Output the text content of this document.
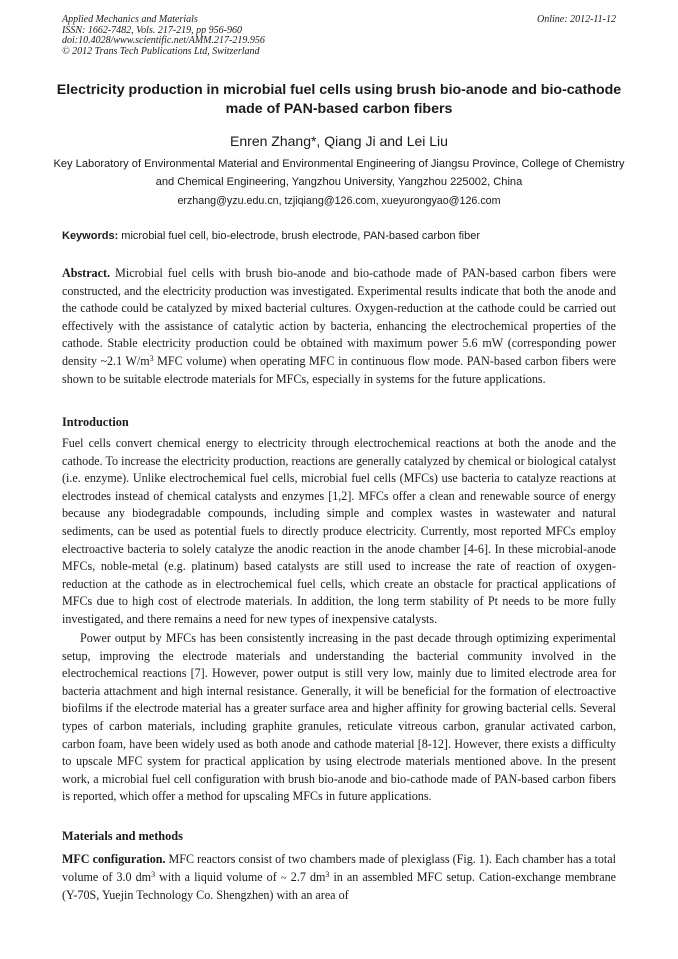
Applied Mechanics and Materials
ISSN: 1662-7482, Vols. 217-219, pp 956-960
doi:10.4028/www.scientific.net/AMM.217-219.956
© 2012 Trans Tech Publications Ltd, Switzerland
Online: 2012-11-12
Electricity production in microbial fuel cells using brush bio-anode and bio-cathode made of PAN-based carbon fibers
Enren Zhang*, Qiang Ji and Lei Liu
Key Laboratory of Environmental Material and Environmental Engineering of Jiangsu Province, College of Chemistry and Chemical Engineering, Yangzhou University, Yangzhou 225002, China
erzhang@yzu.edu.cn, tzjiqiang@126.com, xueyurongyao@126.com
Keywords: microbial fuel cell, bio-electrode, brush electrode, PAN-based carbon fiber
Abstract. Microbial fuel cells with brush bio-anode and bio-cathode made of PAN-based carbon fibers were constructed, and the electricity production was investigated. Experimental results indicate that both the anode and the cathode could be catalyzed by mixed bacterial cultures. Oxygen-reduction at the cathode could be carried out effectively with the assistance of catalytic action by bacteria, enhancing the electrochemical properties of the cathode. Stable electricity production could be obtained with maximum power 5.6 mW (corresponding power density ~2.1 $W/m^3$ MFC volume) when operating MFC in continuous flow mode. PAN-based carbon fibers were shown to be suitable electrode materials for MFCs, especially in systems for the future applications.
Introduction
Fuel cells convert chemical energy to electricity through electrochemical reactions at both the anode and the cathode. To increase the electricity production, reactions are generally catalyzed by chemical or biological catalyst (i.e. enzyme). Unlike electrochemical fuel cells, microbial fuel cells (MFCs) use bacteria to catalyze reactions at electrodes instead of chemical catalysts and enzymes [1,2]. MFCs offer a clean and renewable source of energy because any biodegradable compounds, including simple and complex wastes in wastewater and natural sediments, can be used as potential fuels to directly produce electricity. Currently, most reported MFCs employ electroactive bacteria to solely catalyze the anodic reaction in the anode chamber [4-6]. In these microbial-anode MFCs, noble-metal (e.g. platinum) based catalysts are still used to increase the rate of reaction of oxygen-reduction at the cathode as in electrochemical fuel cells, which create an obstacle for practical applications of MFCs due to high cost of electrode materials. In addition, the long term stability of Pt needs to be more fully investigated, and there remains a need for new types of inexpensive catalysts.
Power output by MFCs has been consistently increasing in the past decade through optimizing experimental setup, improving the electrode materials and understanding the bacterial community involved in the electrochemical reactions [7]. However, power output is still very low, mainly due to limited electrode area for bacteria attachment and high internal resistance. Generally, it will be beneficial for the formation of electroactive biofilms if the electrode material has a greater surface area and higher affinity for growing bacterial cells. Several types of carbon materials, including graphite granules, reticulate vitreous carbon, granular activated carbon, carbon foam, have been widely used as both anode and cathode material [8-12]. However, there exists a difficulty to upscale MFC system for practical application by using electrode materials mentioned above. In the present work, a microbial fuel cell configuration with brush bio-anode and bio-cathode made of PAN-based carbon fibers is reported, which offer a method for upscaling MFCs in future applications.
Materials and methods
MFC configuration. MFC reactors consist of two chambers made of plexiglass (Fig. 1). Each chamber has a total volume of 3.0 $dm^3$ with a liquid volume of ~ 2.7 $dm^3$ in an assembled MFC setup. Cation-exchange membrane (Y-70S, Yuejin Technology Co. Shengzhen) with an area of
